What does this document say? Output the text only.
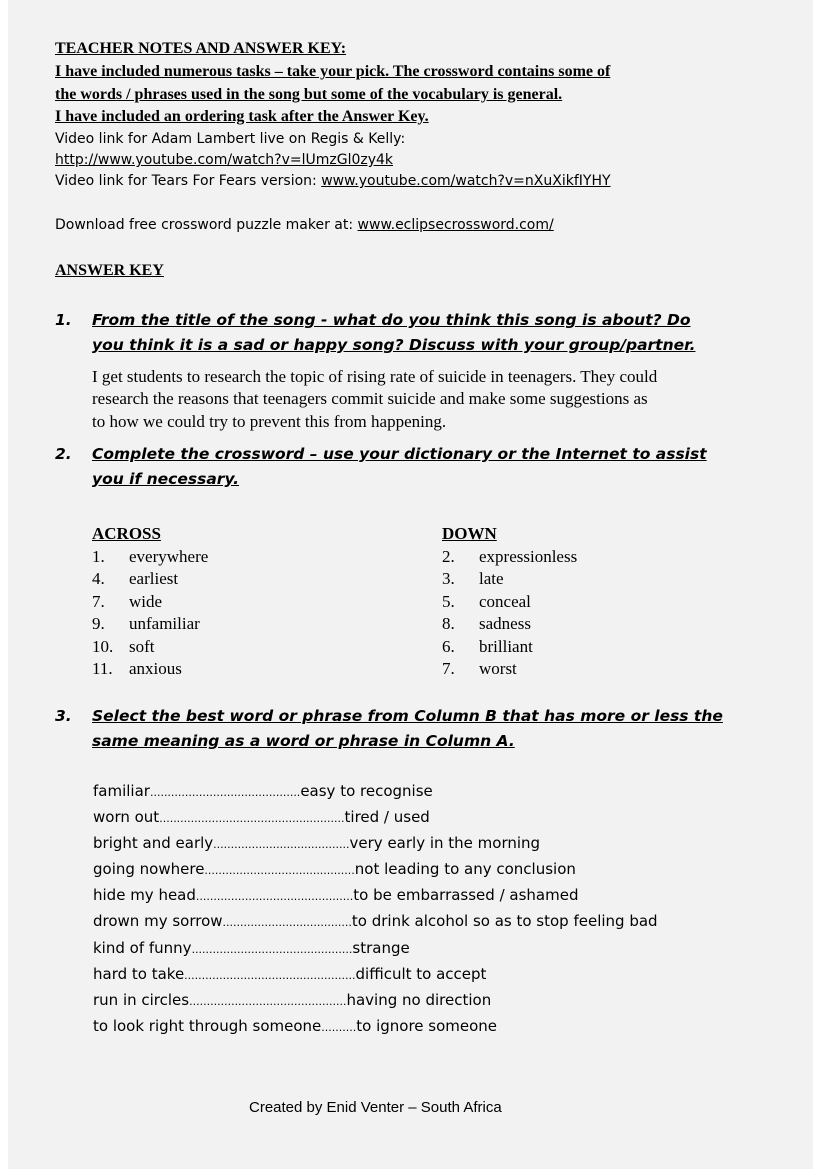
TEACHER NOTES AND ANSWER KEY:
I have included numerous tasks – take your pick. The crossword contains some of
the words / phrases used in the song but some of the vocabulary is general.
I have included an ordering task after the Answer Key.
Video link for Adam Lambert live on Regis & Kelly:
http://www.youtube.com/watch?v=lUmzGl0zy4k
Video link for Tears For Fears version: www.youtube.com/watch?v=nXuXikfIYHY
Download free crossword puzzle maker at: www.eclipsecrossword.com/
ANSWER KEY
1. From the title of the song - what do you think this song is about? Do
you think it is a sad or happy song? Discuss with your group/partner.
I get students to research the topic of rising rate of suicide in teenagers. They could
research the reasons that teenagers commit suicide and make some suggestions as
to how we could try to prevent this from happening.
2. Complete the crossword – use your dictionary or the Internet to assist
you if necessary.
ACROSS	DOWN
1. everywhere
4. earliest
7. wide
9. unfamiliar
10. soft
11. anxious
2. expressionless
3. late
5. conceal
8. sadness
6. brilliant
7. worst
3. Select the best word or phrase from Column B that has more or less the
same meaning as a word or phrase in Column A.
familiar...........................................easy to recognise
worn out.....................................................tired / used
bright and early.......................................very early in the morning
going nowhere...........................................not leading to any conclusion
hide my head.............................................to be embarrassed / ashamed
drown my sorrow.....................................to drink alcohol so as to stop feeling bad
kind of funny..............................................strange
hard to take.................................................difficult to accept
run in circles.............................................having no direction
to look right through someone..........to ignore someone
Created by Enid Venter – South Africa
